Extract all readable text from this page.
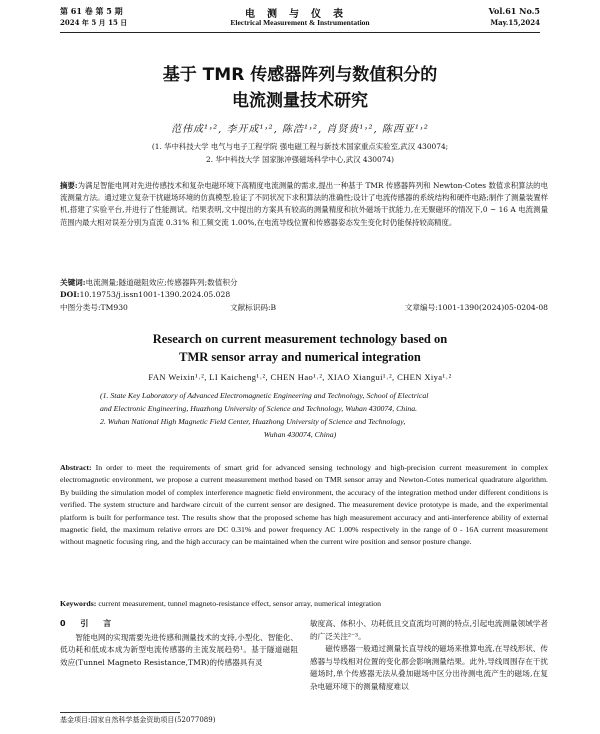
第 61 卷 第 5 期	电测与仪表	Vol.61 No.5
2024 年 5 月 15 日	Electrical Measurement & Instrumentation	May.15,2024
基于 TMR 传感器阵列与数值积分的
电流测量技术研究
范伟成¹˒², 李开成¹˒², 陈浩¹˒², 肖贤贵¹˒², 陈西亚¹˒²
(1. 华中科技大学 电气与电子工程学院 强电磁工程与新技术国家重点实验室,武汉 430074;
2. 华中科技大学 国家脉冲强磁场科学中心,武汉 430074)
摘要:为满足智能电网对先进传感技术和复杂电磁环境下高精度电流测量的需求,提出一种基于 TMR 传感器阵列和 Newton-Cotes 数值求积算法的电流测量方法。通过建立复杂干扰磁场环境的仿真模型,验证了不同状况下求积算法的准确性;设计了电流传感器的系统结构和硬件电路;制作了测量装置样机,搭建了实验平台,并进行了性能测试。结果表明,文中提出的方案具有较高的测量精度和抗外磁场干扰能力,在无聚磁环的情况下,0 ~ 16 A 电流测量范围内最大相对误差分别为直流 0.31% 和工频交流 1.00%,在电流导线位置和传感器姿态发生变化时仍能保持较高精度。
关键词:电流测量;隧道磁阻效应;传感器阵列;数值积分
DOI:10.19753/j.issn1001-1390.2024.05.028
中图分类号:TM930	文献标识码:B	文章编号:1001-1390(2024)05-0204-08
Research on current measurement technology based on
TMR sensor array and numerical integration
FAN Weixin¹˒², LI Kaicheng¹˒², CHEN Hao¹˒², XIAO Xiangui¹˒², CHEN Xiya¹˒²
(1. State Key Laboratory of Advanced Electromagnetic Engineering and Technology, School of Electrical
and Electronic Engineering, Huazhong University of Science and Technology, Wuhan 430074, China.
2. Wuhan National High Magnetic Field Center, Huazhong University of Science and Technology,
Wuhan 430074, China)
Abstract: In order to meet the requirements of smart grid for advanced sensing technology and high-precision current measurement in complex electromagnetic environment, we propose a current measurement method based on TMR sensor array and Newton-Cotes numerical quadrature algorithm. By building the simulation model of complex interference magnetic field environment, the accuracy of the integration method under different conditions is verified. The system structure and hardware circuit of the current sensor are designed. The measurement device prototype is made, and the experimental platform is built for performance test. The results show that the proposed scheme has high measurement accuracy and anti-interference ability of external magnetic field, the maximum relative errors are DC 0.31% and power frequency AC 1.00% respectively in the range of 0 - 16A current measurement without magnetic focusing ring, and the high accuracy can be maintained when the current wire position and sensor posture change.
Keywords: current measurement, tunnel magneto-resistance effect, sensor array, numerical integration
0 引 言

智能电网的实现需要先进传感和测量技术的支持,小型化、智能化、低功耗和低成本成为新型电流传感器的主流发展趋势¹。基于隧道磁阻效应(Tunnel Magneto Resistance,TMR)的传感器具有灵

敏度高、体积小、功耗低且交直流均可测的特点,引起电流测量领域学者的广泛关注²⁻³。

磁传感器一般通过测量长直导线的磁场来推算电流,在导线形状、传感器与导线相对位置的变化都会影响测量结果。此外,导线周围存在干扰磁场时,单个传感器无法从叠加磁场中区分出待测电流产生的磁场,在复杂电磁环境下的测量精度难以

基金项目:国家自然科学基金资助项目(52077089)
